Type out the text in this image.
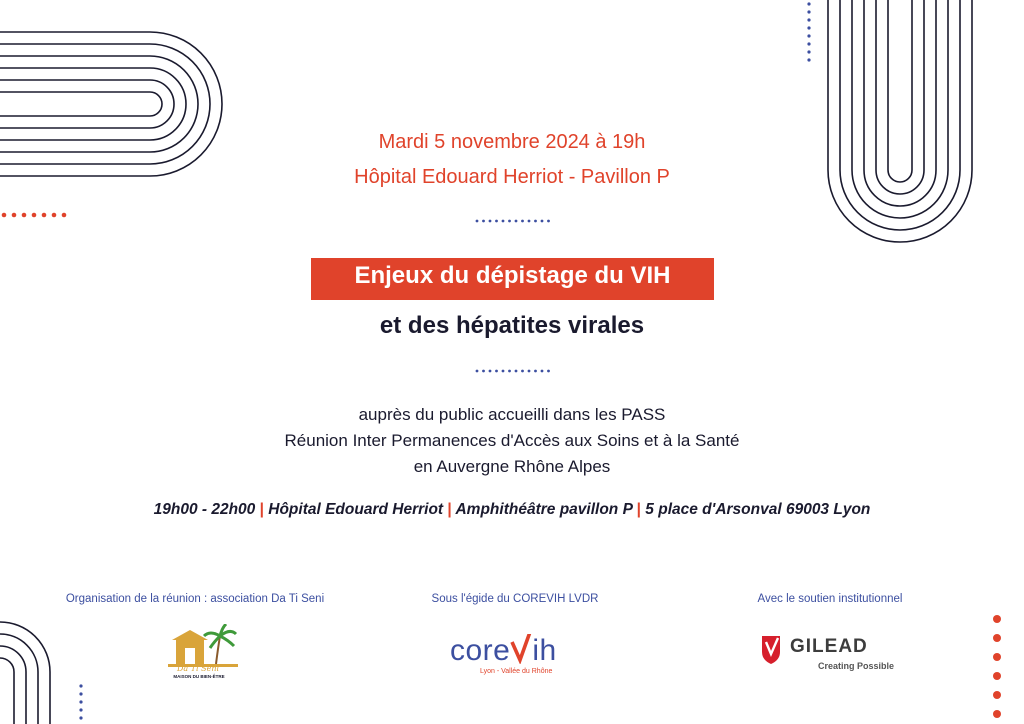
Mardi 5 novembre 2024 à 19h
Hôpital Edouard Herriot - Pavillon P
Enjeux du dépistage du VIH
et des hépatites virales
auprès du public accueilli dans les PASS
Réunion Inter Permanences d'Accès aux Soins et à la Santé
en Auvergne Rhône Alpes
19h00 - 22h00 | Hôpital Edouard Herriot | Amphithéâtre pavillon P | 5 place d'Arsonval 69003 Lyon
Organisation de la réunion : association Da Ti Seni	Sous l'égide du COREVIH LVDR	Avec le soutien institutionnel
Da Ti Seni
MAISON DU BIEN-ÊTRE
core ih
Lyon - Vallée du Rhône
GILEAD
Creating Possible
